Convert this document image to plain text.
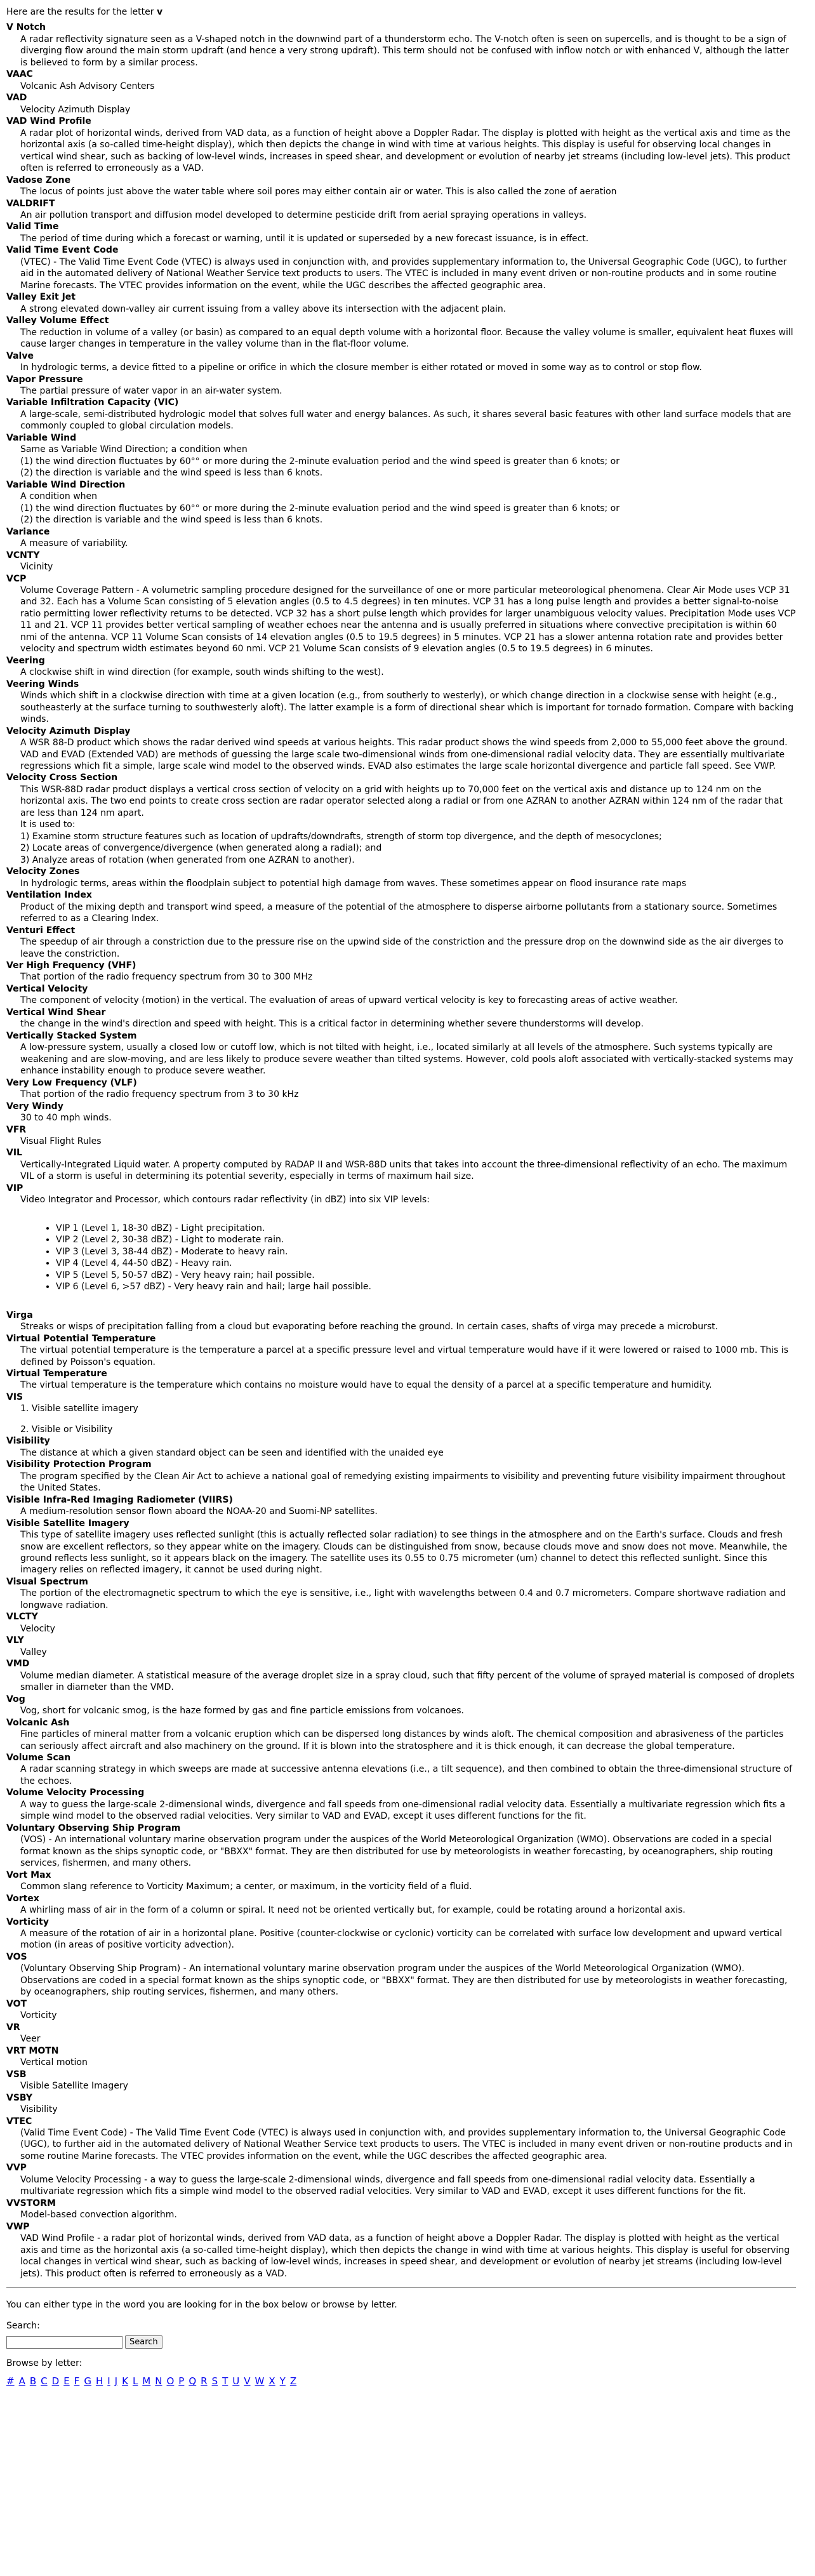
Here are the results for the letter v
V Notch

A radar reflectivity signature seen as a V-shaped notch in the downwind part of a thunderstorm echo. The V-notch often is seen on supercells, and is thought to be a sign of diverging flow around the main storm updraft (and hence a very strong updraft). This term should not be confused with inflow notch or with enhanced V, although the latter is believed to form by a similar process.

VAAC

Volcanic Ash Advisory Centers

VAD

Velocity Azimuth Display

VAD Wind Profile

A radar plot of horizontal winds, derived from VAD data, as a function of height above a Doppler Radar. The display is plotted with height as the vertical axis and time as the horizontal axis (a so-called time-height display), which then depicts the change in wind with time at various heights. This display is useful for observing local changes in vertical wind shear, such as backing of low-level winds, increases in speed shear, and development or evolution of nearby jet streams (including low-level jets). This product often is referred to erroneously as a VAD.

Vadose Zone

The locus of points just above the water table where soil pores may either contain air or water. This is also called the zone of aeration

VALDRIFT

An air pollution transport and diffusion model developed to determine pesticide drift from aerial spraying operations in valleys.

Valid Time

The period of time during which a forecast or warning, until it is updated or superseded by a new forecast issuance, is in effect.

Valid Time Event Code

(VTEC) - The Valid Time Event Code (VTEC) is always used in conjunction with, and provides supplementary information to, the Universal Geographic Code (UGC), to further aid in the automated delivery of National Weather Service text products to users. The VTEC is included in many event driven or non-routine products and in some routine Marine forecasts. The VTEC provides information on the event, while the UGC describes the affected geographic area.

Valley Exit Jet

A strong elevated down-valley air current issuing from a valley above its intersection with the adjacent plain.

Valley Volume Effect

The reduction in volume of a valley (or basin) as compared to an equal depth volume with a horizontal floor. Because the valley volume is smaller, equivalent heat fluxes will cause larger changes in temperature in the valley volume than in the flat-floor volume.

Valve

In hydrologic terms, a device fitted to a pipeline or orifice in which the closure member is either rotated or moved in some way as to control or stop flow.

Vapor Pressure

The partial pressure of water vapor in an air-water system.

Variable Infiltration Capacity (VIC)

A large-scale, semi-distributed hydrologic model that solves full water and energy balances. As such, it shares several basic features with other land surface models that are commonly coupled to global circulation models.

Variable Wind

Same as Variable Wind Direction; a condition when

(1) the wind direction fluctuates by 60°° or more during the 2-minute evaluation period and the wind speed is greater than 6 knots; or

(2) the direction is variable and the wind speed is less than 6 knots.

Variable Wind Direction

A condition when

(1) the wind direction fluctuates by 60°° or more during the 2-minute evaluation period and the wind speed is greater than 6 knots; or

(2) the direction is variable and the wind speed is less than 6 knots.

Variance

A measure of variability.

VCNTY

Vicinity

VCP

Volume Coverage Pattern - A volumetric sampling procedure designed for the surveillance of one or more particular meteorological phenomena. Clear Air Mode uses VCP 31 and 32. Each has a Volume Scan consisting of 5 elevation angles (0.5 to 4.5 degrees) in ten minutes. VCP 31 has a long pulse length and provides a better signal-to-noise ratio permitting lower reflectivity returns to be detected. VCP 32 has a short pulse length which provides for larger unambiguous velocity values. Precipitation Mode uses VCP 11 and 21. VCP 11 provides better vertical sampling of weather echoes near the antenna and is usually preferred in situations where convective precipitation is within 60 nmi of the antenna. VCP 11 Volume Scan consists of 14 elevation angles (0.5 to 19.5 degrees) in 5 minutes. VCP 21 has a slower antenna rotation rate and provides better velocity and spectrum width estimates beyond 60 nmi. VCP 21 Volume Scan consists of 9 elevation angles (0.5 to 19.5 degrees) in 6 minutes.

Veering

A clockwise shift in wind direction (for example, south winds shifting to the west).

Veering Winds

Winds which shift in a clockwise direction with time at a given location (e.g., from southerly to westerly), or which change direction in a clockwise sense with height (e.g., southeasterly at the surface turning to southwesterly aloft). The latter example is a form of directional shear which is important for tornado formation. Compare with backing winds.

Velocity Azimuth Display

A WSR 88-D product which shows the radar derived wind speeds at various heights. This radar product shows the wind speeds from 2,000 to 55,000 feet above the ground. VAD and EVAD (Extended VAD) are methods of guessing the large scale two-dimensional winds from one-dimensional radial velocity data. They are essentially multivariate regressions which fit a simple, large scale wind model to the observed winds. EVAD also estimates the large scale horizontal divergence and particle fall speed. See VWP.

Velocity Cross Section

This WSR-88D radar product displays a vertical cross section of velocity on a grid with heights up to 70,000 feet on the vertical axis and distance up to 124 nm on the horizontal axis. The two end points to create cross section are radar operator selected along a radial or from one AZRAN to another AZRAN within 124 nm of the radar that are less than 124 nm apart.

It is used to:

1) Examine storm structure features such as location of updrafts/downdrafts, strength of storm top divergence, and the depth of mesocyclones;

2) Locate areas of convergence/divergence (when generated along a radial); and

3) Analyze areas of rotation (when generated from one AZRAN to another).

Velocity Zones

In hydrologic terms, areas within the floodplain subject to potential high damage from waves. These sometimes appear on flood insurance rate maps

Ventilation Index

Product of the mixing depth and transport wind speed, a measure of the potential of the atmosphere to disperse airborne pollutants from a stationary source. Sometimes referred to as a Clearing Index.

Venturi Effect

The speedup of air through a constriction due to the pressure rise on the upwind side of the constriction and the pressure drop on the downwind side as the air diverges to leave the constriction.

Ver High Frequency (VHF)

That portion of the radio frequency spectrum from 30 to 300 MHz

Vertical Velocity

The component of velocity (motion) in the vertical. The evaluation of areas of upward vertical velocity is key to forecasting areas of active weather.

Vertical Wind Shear

the change in the wind's direction and speed with height. This is a critical factor in determining whether severe thunderstorms will develop.

Vertically Stacked System

A low-pressure system, usually a closed low or cutoff low, which is not tilted with height, i.e., located similarly at all levels of the atmosphere. Such systems typically are weakening and are slow-moving, and are less likely to produce severe weather than tilted systems. However, cold pools aloft associated with vertically-stacked systems may enhance instability enough to produce severe weather.

Very Low Frequency (VLF)

That portion of the radio frequency spectrum from 3 to 30 kHz

Very Windy

30 to 40 mph winds.

VFR

Visual Flight Rules

VIL

Vertically-Integrated Liquid water. A property computed by RADAP II and WSR-88D units that takes into account the three-dimensional reflectivity of an echo. The maximum VIL of a storm is useful in determining its potential severity, especially in terms of maximum hail size.

VIP

Video Integrator and Processor, which contours radar reflectivity (in dBZ) into six VIP levels:

• VIP 1 (Level 1, 18-30 dBZ) - Light precipitation.
• VIP 2 (Level 2, 30-38 dBZ) - Light to moderate rain.
• VIP 3 (Level 3, 38-44 dBZ) - Moderate to heavy rain.
• VIP 4 (Level 4, 44-50 dBZ) - Heavy rain.
• VIP 5 (Level 5, 50-57 dBZ) - Very heavy rain; hail possible.
• VIP 6 (Level 6, >57 dBZ) - Very heavy rain and hail; large hail possible.
Virga

Streaks or wisps of precipitation falling from a cloud but evaporating before reaching the ground. In certain cases, shafts of virga may precede a microburst.

Virtual Potential Temperature

The virtual potential temperature is the temperature a parcel at a specific pressure level and virtual temperature would have if it were lowered or raised to 1000 mb. This is defined by Poisson's equation.

Virtual Temperature

The virtual temperature is the temperature which contains no moisture would have to equal the density of a parcel at a specific temperature and humidity.

VIS

1. Visible satellite imagery

2. Visible or Visibility

Visibility

The distance at which a given standard object can be seen and identified with the unaided eye

Visibility Protection Program

The program specified by the Clean Air Act to achieve a national goal of remedying existing impairments to visibility and preventing future visibility impairment throughout the United States.

Visible Infra-Red Imaging Radiometer (VIIRS)

A medium-resolution sensor flown aboard the NOAA-20 and Suomi-NP satellites.

Visible Satellite Imagery

This type of satellite imagery uses reflected sunlight (this is actually reflected solar radiation) to see things in the atmosphere and on the Earth's surface. Clouds and fresh snow are excellent reflectors, so they appear white on the imagery. Clouds can be distinguished from snow, because clouds move and snow does not move. Meanwhile, the ground reflects less sunlight, so it appears black on the imagery. The satellite uses its 0.55 to 0.75 micrometer (um) channel to detect this reflected sunlight. Since this imagery relies on reflected imagery, it cannot be used during night.

Visual Spectrum

The portion of the electromagnetic spectrum to which the eye is sensitive, i.e., light with wavelengths between 0.4 and 0.7 micrometers. Compare shortwave radiation and longwave radiation.

VLCTY

Velocity

VLY

Valley

VMD

Volume median diameter. A statistical measure of the average droplet size in a spray cloud, such that fifty percent of the volume of sprayed material is composed of droplets smaller in diameter than the VMD.

Vog

Vog, short for volcanic smog, is the haze formed by gas and fine particle emissions from volcanoes.

Volcanic Ash

Fine particles of mineral matter from a volcanic eruption which can be dispersed long distances by winds aloft. The chemical composition and abrasiveness of the particles can seriously affect aircraft and also machinery on the ground. If it is blown into the stratosphere and it is thick enough, it can decrease the global temperature.

Volume Scan

A radar scanning strategy in which sweeps are made at successive antenna elevations (i.e., a tilt sequence), and then combined to obtain the three-dimensional structure of the echoes.

Volume Velocity Processing

A way to guess the large-scale 2-dimensional winds, divergence and fall speeds from one-dimensional radial velocity data. Essentially a multivariate regression which fits a simple wind model to the observed radial velocities. Very similar to VAD and EVAD, except it uses different functions for the fit.

Voluntary Observing Ship Program

(VOS) - An international voluntary marine observation program under the auspices of the World Meteorological Organization (WMO). Observations are coded in a special format known as the ships synoptic code, or "BBXX" format. They are then distributed for use by meteorologists in weather forecasting, by oceanographers, ship routing services, fishermen, and many others.

Vort Max

Common slang reference to Vorticity Maximum; a center, or maximum, in the vorticity field of a fluid.

Vortex

A whirling mass of air in the form of a column or spiral. It need not be oriented vertically but, for example, could be rotating around a horizontal axis.

Vorticity

A measure of the rotation of air in a horizontal plane. Positive (counter-clockwise or cyclonic) vorticity can be correlated with surface low development and upward vertical motion (in areas of positive vorticity advection).

VOS

(Voluntary Observing Ship Program) - An international voluntary marine observation program under the auspices of the World Meteorological Organization (WMO). Observations are coded in a special format known as the ships synoptic code, or "BBXX" format. They are then distributed for use by meteorologists in weather forecasting, by oceanographers, ship routing services, fishermen, and many others.

VOT

Vorticity

VR

Veer

VRT MOTN

Vertical motion

VSB

Visible Satellite Imagery

VSBY

Visibility

VTEC

(Valid Time Event Code) - The Valid Time Event Code (VTEC) is always used in conjunction with, and provides supplementary information to, the Universal Geographic Code (UGC), to further aid in the automated delivery of National Weather Service text products to users. The VTEC is included in many event driven or non-routine products and in some routine Marine forecasts. The VTEC provides information on the event, while the UGC describes the affected geographic area.

VVP

Volume Velocity Processing - a way to guess the large-scale 2-dimensional winds, divergence and fall speeds from one-dimensional radial velocity data. Essentially a multivariate regression which fits a simple wind model to the observed radial velocities. Very similar to VAD and EVAD, except it uses different functions for the fit.

VVSTORM

Model-based convection algorithm.

VWP

VAD Wind Profile - a radar plot of horizontal winds, derived from VAD data, as a function of height above a Doppler Radar. The display is plotted with height as the vertical axis and time as the horizontal axis (a so-called time-height display), which then depicts the change in wind with time at various heights. This display is useful for observing local changes in vertical wind shear, such as backing of low-level winds, increases in speed shear, and development or evolution of nearby jet streams (including low-level jets). This product often is referred to erroneously as a VAD.

You can either type in the word you are looking for in the box below or browse by letter.
Search:
Search
Browse by letter:
# A B C D E F G H I J K L M N O P Q R S T U V W X Y Z
